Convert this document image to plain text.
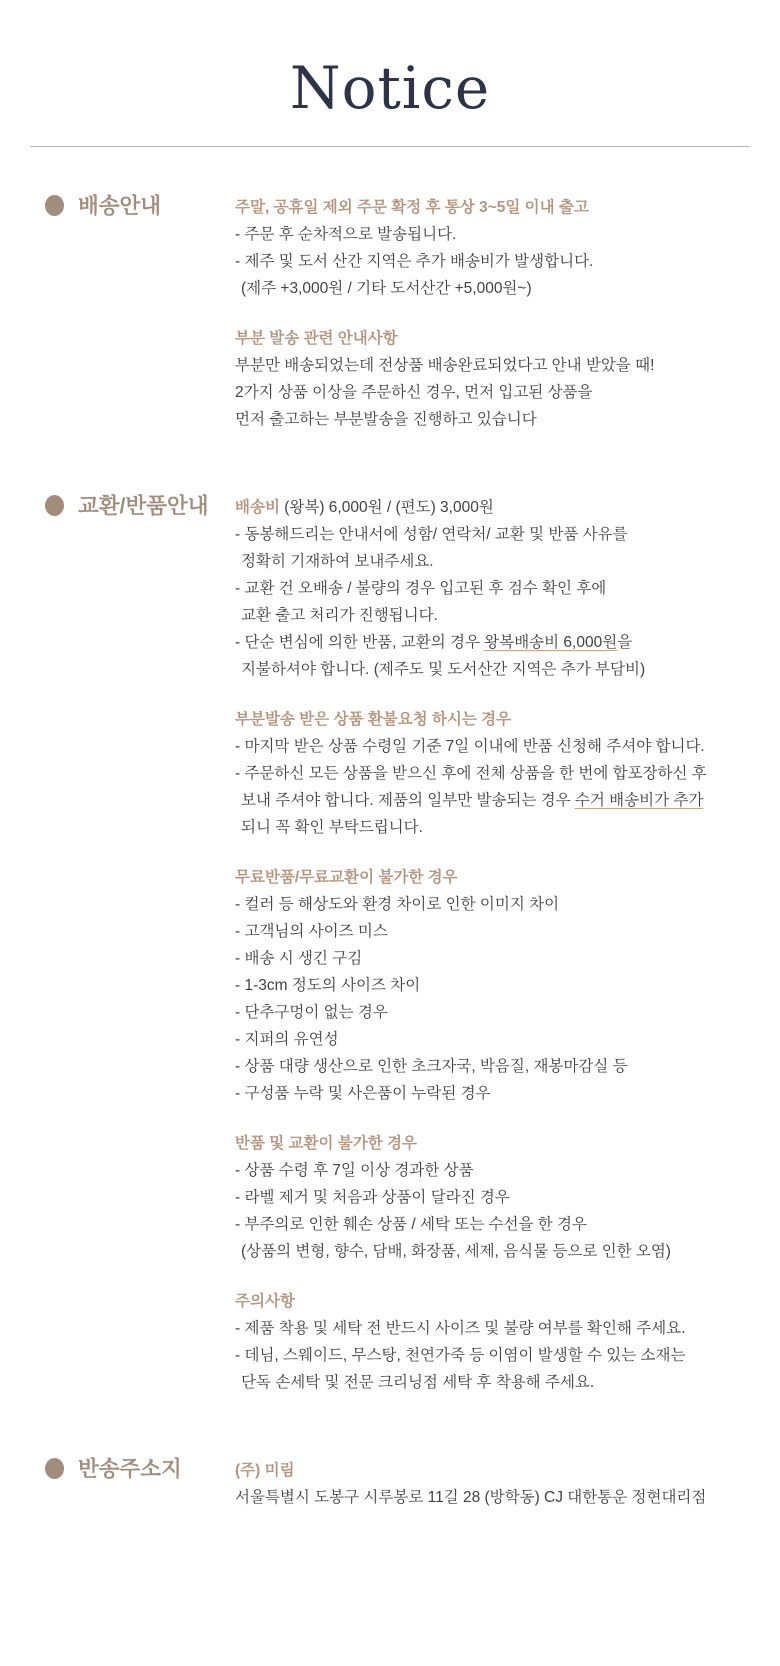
Notice
배송안내	주말, 공휴일 제외 주문 확정 후 통상 3~5일 이내 출고

- 주문 후 순차적으로 발송됩니다.

- 제주 및 도서 산간 지역은 추가 배송비가 발생합니다.

(제주 +3,000원 / 기타 도서산간 +5,000원~)

부분 발송 관련 안내사항

부분만 배송되었는데 전상품 배송완료되었다고 안내 받았을 때!

2가지 상품 이상을 주문하신 경우, 먼저 입고된 상품을

먼저 출고하는 부분발송을 진행하고 있습니다

교환/반품안내	배송비 (왕복) 6,000원 / (편도) 3,000원

- 동봉해드리는 안내서에 성함/ 연락처/ 교환 및 반품 사유를

정확히 기재하여 보내주세요.

- 교환 건 오배송 / 불량의 경우 입고된 후 검수 확인 후에

교환 출고 처리가 진행됩니다.

- 단순 변심에 의한 반품, 교환의 경우 왕복배송비 6,000원을

지불하셔야 합니다. (제주도 및 도서산간 지역은 추가 부담비)

부분발송 받은 상품 환불요청 하시는 경우

- 마지막 받은 상품 수령일 기준 7일 이내에 반품 신청해 주셔야 합니다.

- 주문하신 모든 상품을 받으신 후에 전체 상품을 한 번에 합포장하신 후

보내 주셔야 합니다. 제품의 일부만 발송되는 경우 수거 배송비가 추가

되니 꼭 확인 부탁드립니다.

무료반품/무료교환이 불가한 경우

- 컬러 등 해상도와 환경 차이로 인한 이미지 차이

- 고객님의 사이즈 미스

- 배송 시 생긴 구김

- 1-3cm 정도의 사이즈 차이

- 단추구멍이 없는 경우

- 지퍼의 유연성

- 상품 대량 생산으로 인한 초크자국, 박음질, 재봉마감실 등

- 구성품 누락 및 사은품이 누락된 경우

반품 및 교환이 불가한 경우

- 상품 수령 후 7일 이상 경과한 상품

- 라벨 제거 및 처음과 상품이 달라진 경우

- 부주의로 인한 훼손 상품 / 세탁 또는 수선을 한 경우

(상품의 변형, 향수, 담배, 화장품, 세제, 음식물 등으로 인한 오염)

주의사항

- 제품 착용 및 세탁 전 반드시 사이즈 및 불량 여부를 확인해 주세요.

- 데님, 스웨이드, 무스탕, 천연가죽 등 이염이 발생할 수 있는 소재는

단독 손세탁 및 전문 크리닝점 세탁 후 착용해 주세요.

반송주소지	(주) 미림

서울특별시 도봉구 시루봉로 11길 28 (방학동) CJ 대한통운 정현대리점
